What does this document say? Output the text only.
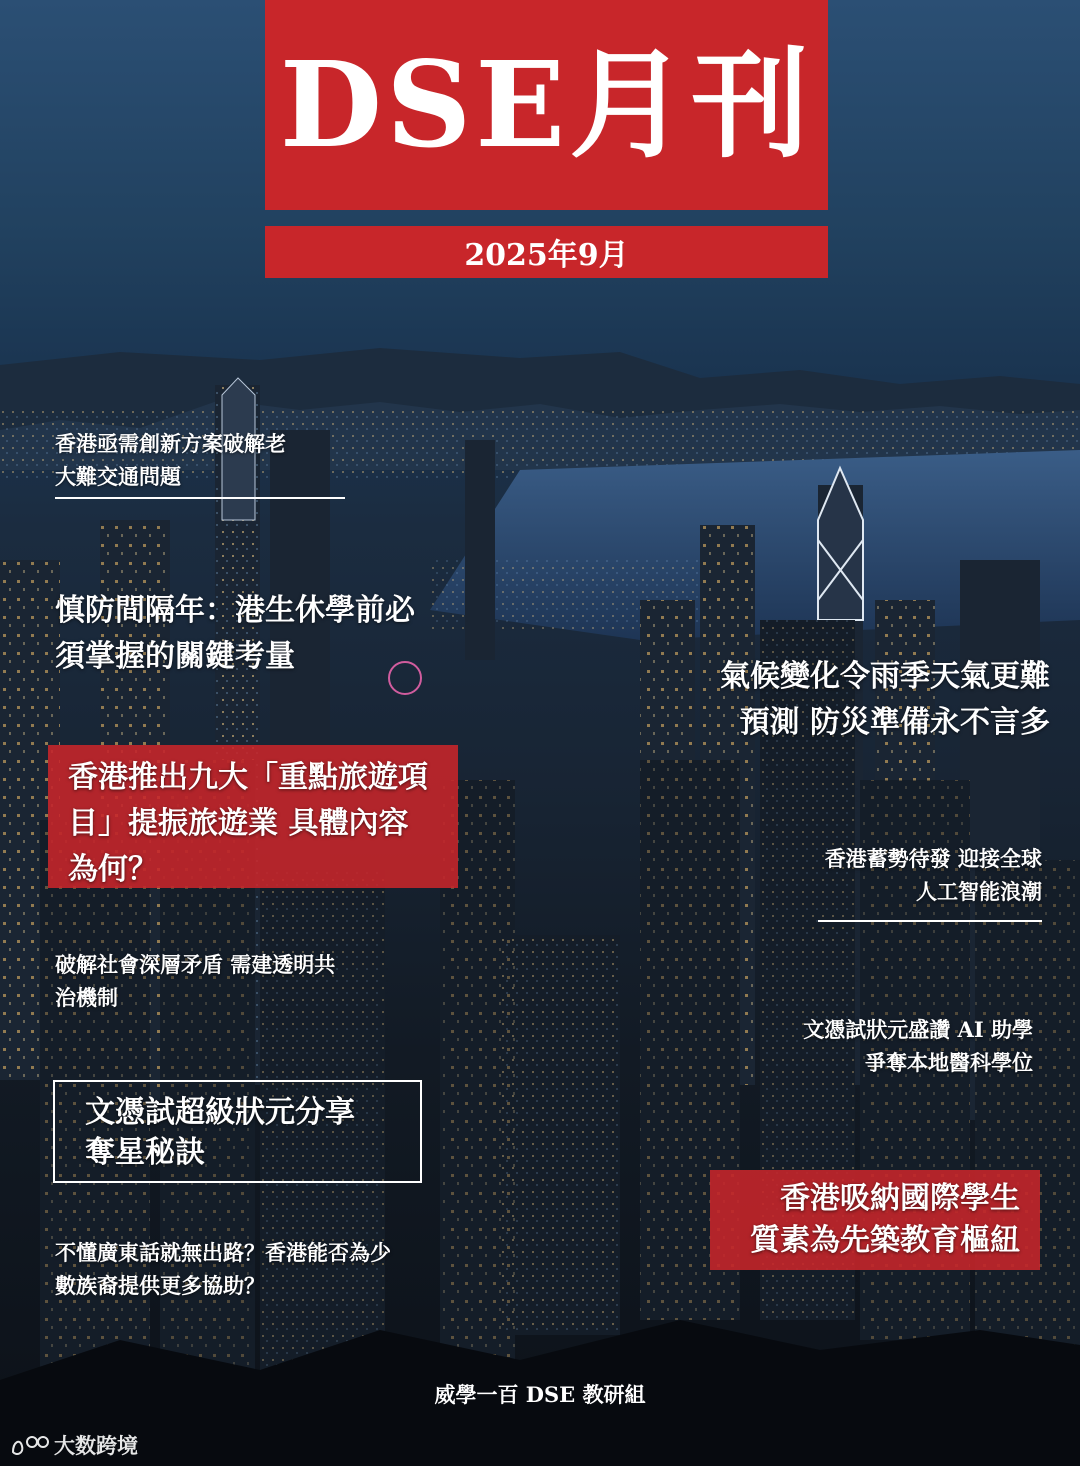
DSE月刊
2025年9月
香港亟需創新方案破解老
大難交通問題
慎防間隔年：港生休學前必
須掌握的關鍵考量
香港推出九大「重點旅遊項
目」提振旅遊業 具體內容
為何？
破解社會深層矛盾 需建透明共
治機制
文憑試超級狀元分享
奪星秘訣
不懂廣東話就無出路？香港能否為少
數族裔提供更多協助？
氣候變化令雨季天氣更難
預測 防災準備永不言多
香港蓄勢待發 迎接全球
人工智能浪潮
文憑試狀元盛讚 AI 助學
爭奪本地醫科學位
香港吸納國際學生
質素為先築教育樞紐
威學一百 DSE 教研組
大数跨境
